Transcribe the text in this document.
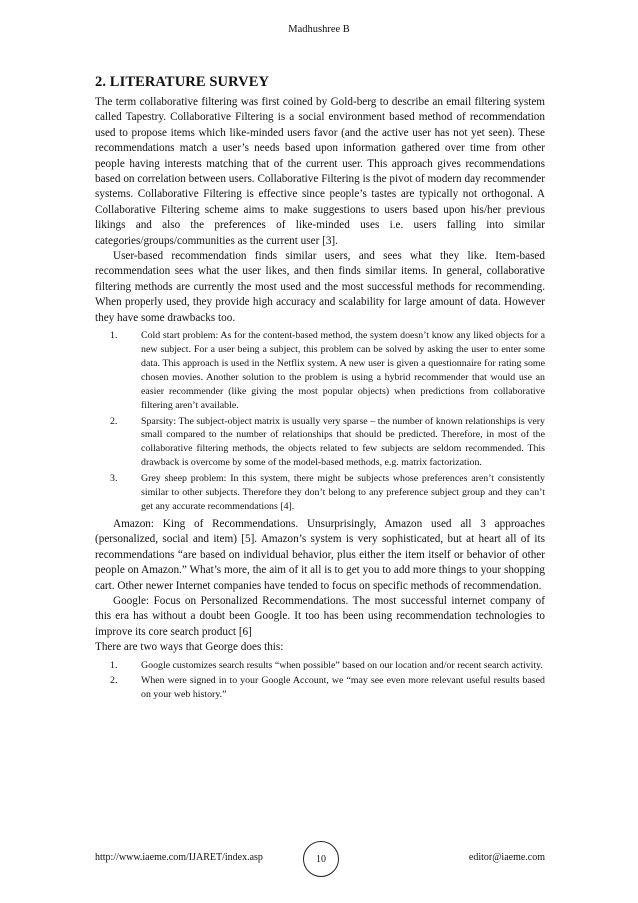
Madhushree B
2. LITERATURE SURVEY

The term collaborative filtering was first coined by Gold-berg to describe an email filtering system called Tapestry. Collaborative Filtering is a social environment based method of recommendation used to propose items which like-minded users favor (and the active user has not yet seen). These recommendations match a user’s needs based upon information gathered over time from other people having interests matching that of the current user. This approach gives recommendations based on correlation between users. Collaborative Filtering is the pivot of modern day recommender systems. Collaborative Filtering is effective since people’s tastes are typically not orthogonal. A Collaborative Filtering scheme aims to make suggestions to users based upon his/her previous likings and also the preferences of like-minded uses i.e. users falling into similar categories/groups/communities as the current user [3].

User-based recommendation finds similar users, and sees what they like. Item-based recommendation sees what the user likes, and then finds similar items. In general, collaborative filtering methods are currently the most used and the most successful methods for recommending. When properly used, they provide high accuracy and scalability for large amount of data. However they have some drawbacks too.

1. Cold start problem: As for the content-based method, the system doesn’t know any liked objects for a new subject. For a user being a subject, this problem can be solved by asking the user to enter some data. This approach is used in the Netflix system. A new user is given a questionnaire for rating some chosen movies. Another solution to the problem is using a hybrid recommender that would use an easier recommender (like giving the most popular objects) when predictions from collaborative filtering aren’t available.
2. Sparsity: The subject-object matrix is usually very sparse – the number of known relationships is very small compared to the number of relationships that should be predicted. Therefore, in most of the collaborative filtering methods, the objects related to few subjects are seldom recommended. This drawback is overcome by some of the model-based methods, e.g. matrix factorization.
3. Grey sheep problem: In this system, there might be subjects whose preferences aren’t consistently similar to other subjects. Therefore they don’t belong to any preference subject group and they can’t get any accurate recommendations [4].

Amazon: King of Recommendations. Unsurprisingly, Amazon used all 3 approaches (personalized, social and item) [5]. Amazon’s system is very sophisticated, but at heart all of its recommendations “are based on individual behavior, plus either the item itself or behavior of other people on Amazon.” What’s more, the aim of it all is to get you to add more things to your shopping cart. Other newer Internet companies have tended to focus on specific methods of recommendation.

Google: Focus on Personalized Recommendations. The most successful internet company of this era has without a doubt been Google. It too has been using recommendation technologies to improve its core search product [6]

There are two ways that George does this:

1. Google customizes search results “when possible” based on our location and/or recent search activity.
2. When were signed in to your Google Account, we “may see even more relevant useful results based on your web history.”
http://www.iaeme.com/IJARET/index.asp	10	editor@iaeme.com
